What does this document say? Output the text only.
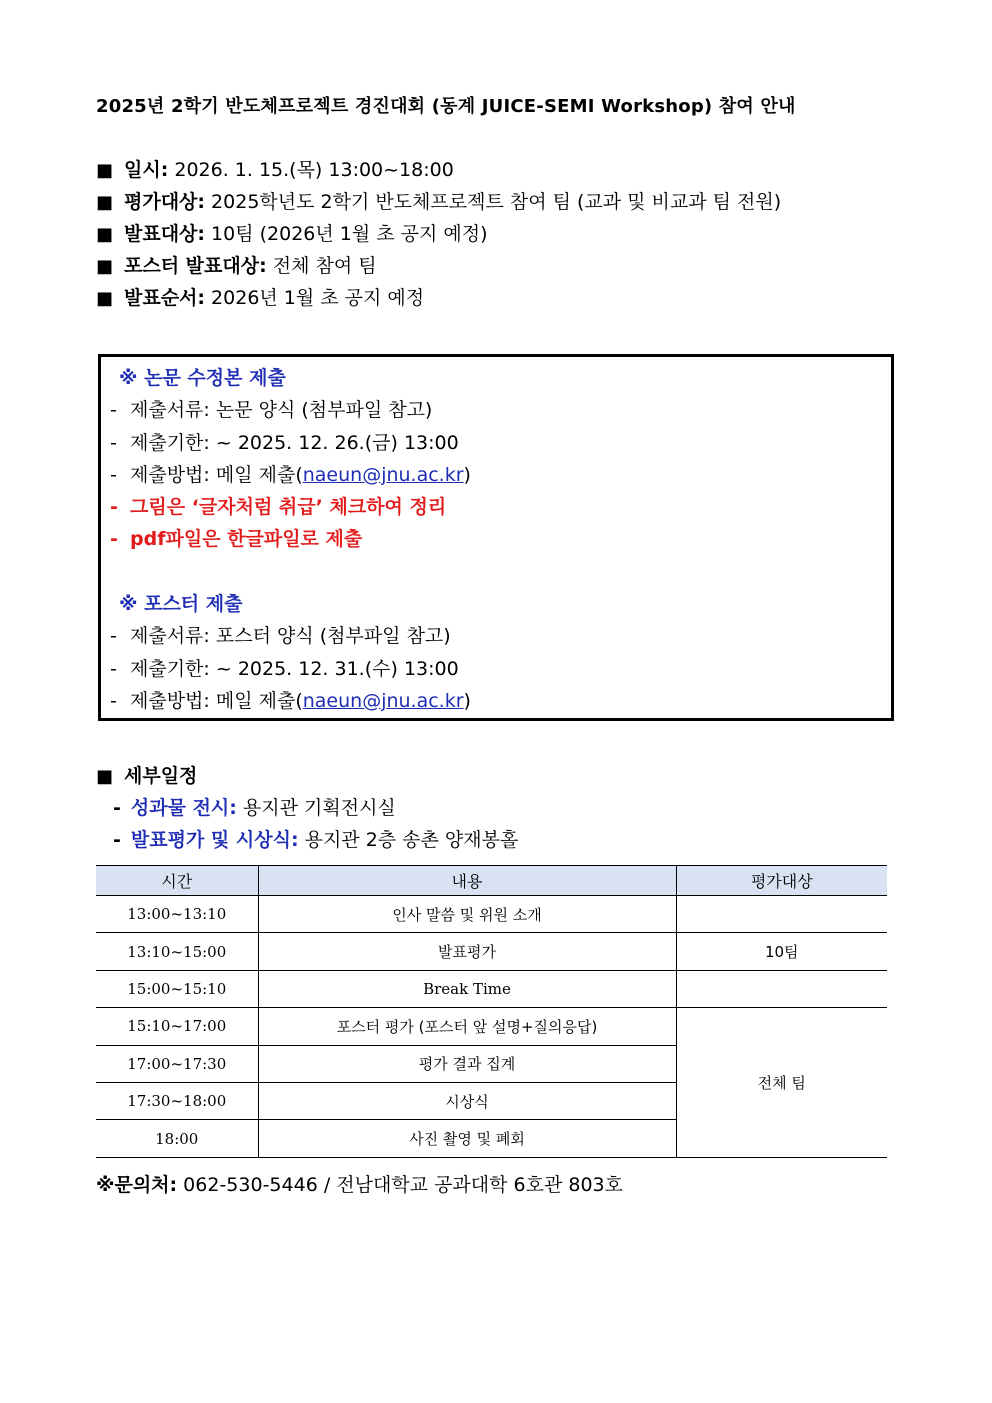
2025년 2학기 반도체프로젝트 경진대회 (동계 JUICE-SEMI Workshop) 참여 안내
■ 일시: 2026. 1. 15.(목) 13:00~18:00
■ 평가대상: 2025학년도 2학기 반도체프로젝트 참여 팀 (교과 및 비교과 팀 전원)
■ 발표대상: 10팀 (2026년 1월 초 공지 예정)
■ 포스터 발표대상: 전체 참여 팀
■ 발표순서: 2026년 1월 초 공지 예정
※ 논문 수정본 제출
- 제출서류: 논문 양식 (첨부파일 참고)
- 제출기한: ~ 2025. 12. 26.(금) 13:00
- 제출방법: 메일 제출(naeun@jnu.ac.kr)
- 그림은 ‘글자처럼 취급’ 체크하여 정리
- pdf파일은 한글파일로 제출
※ 포스터 제출
- 제출서류: 포스터 양식 (첨부파일 참고)
- 제출기한: ~ 2025. 12. 31.(수) 13:00
- 제출방법: 메일 제출(naeun@jnu.ac.kr)
■ 세부일정
- 성과물 전시: 용지관 기획전시실
- 발표평가 및 시상식: 용지관 2층 송촌 양재봉홀
시간	내용	평가대상
13:00~13:10	인사 말씀 및 위원 소개	
13:10~15:00	발표평가	10팀
15:00~15:10	Break Time	
15:10~17:00	포스터 평가 (포스터 앞 설명+질의응답)	전체 팀
17:00~17:30	평가 결과 집계	
17:30~18:00	시상식	
18:00	사진 촬영 및 폐회	
※문의처: 062-530-5446 / 전남대학교 공과대학 6호관 803호
